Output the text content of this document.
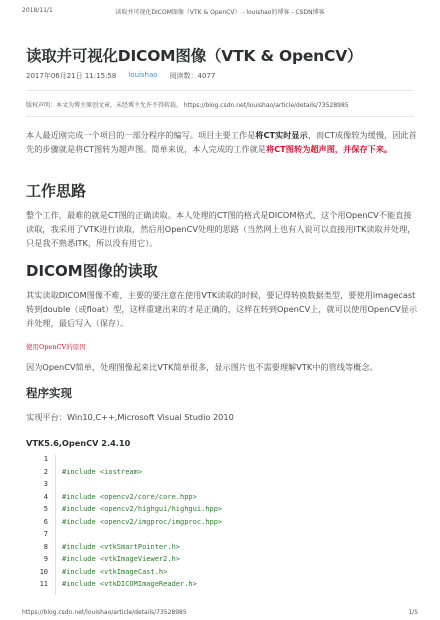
2018/11/1	读取并可视化DICOM图像（VTK & OpenCV） - louishao的博客 - CSDN博客
读取并可视化DICOM图像（VTK & OpenCV）
2017年06月21日 11:15:58 louishao 阅读数：4077
版权声明：本文为博主原创文章，未经博主允许不得转载。 https://blog.csdn.net/louishao/article/details/73528985
本人最近刚完成一个项目的一部分程序的编写。项目主要工作是将CT实时显示，而CT成像较为缓慢，因此首先的步骤就是将CT图转为超声图。简单来说，本人完成的工作就是将CT图转为超声图，并保存下来。
工作思路
整个工作，最难的就是CT图的正确读取。本人处理的CT图的格式是DICOM格式，这个用OpenCV不能直接读取，我采用了VTK进行读取，然后用OpenCV处理的思路（当然网上也有人说可以直接用ITK读取并处理，只是我不熟悉ITK，所以没有用它）。
DICOM图像的读取
其实读取DICOM图像不难，主要的要注意在使用VTK读取的时候，要记得转换数据类型，要使用imagecast转到double（或float）型，这样重建出来的才是正确的，这样在转到OpenCV上，就可以使用OpenCV显示并处理，最后写入（保存）。
使用OpenCV的原因
因为OpenCV简单，处理图像起来比VTK简单很多，显示图片也不需要理解VTK中的管线等概念。
程序实现
实现平台：Win10,C++,Microsoft Visual Studio 2010
VTK5.6,OpenCV 2.4.10
1
2 #include <iostream>
3
4 #include <opencv2/core/core.hpp>
5 #include <opencv2/highgui/highgui.hpp>
6 #include <opencv2/imgproc/imgproc.hpp>
7
8 #include <vtkSmartPointer.h>
9 #include <vtkImageViewer2.h>
10 #include <vtkImageCast.h>
11 #include <vtkDICOMImageReader.h>
https://blog.csdn.net/louishao/article/details/73528985	1/5
